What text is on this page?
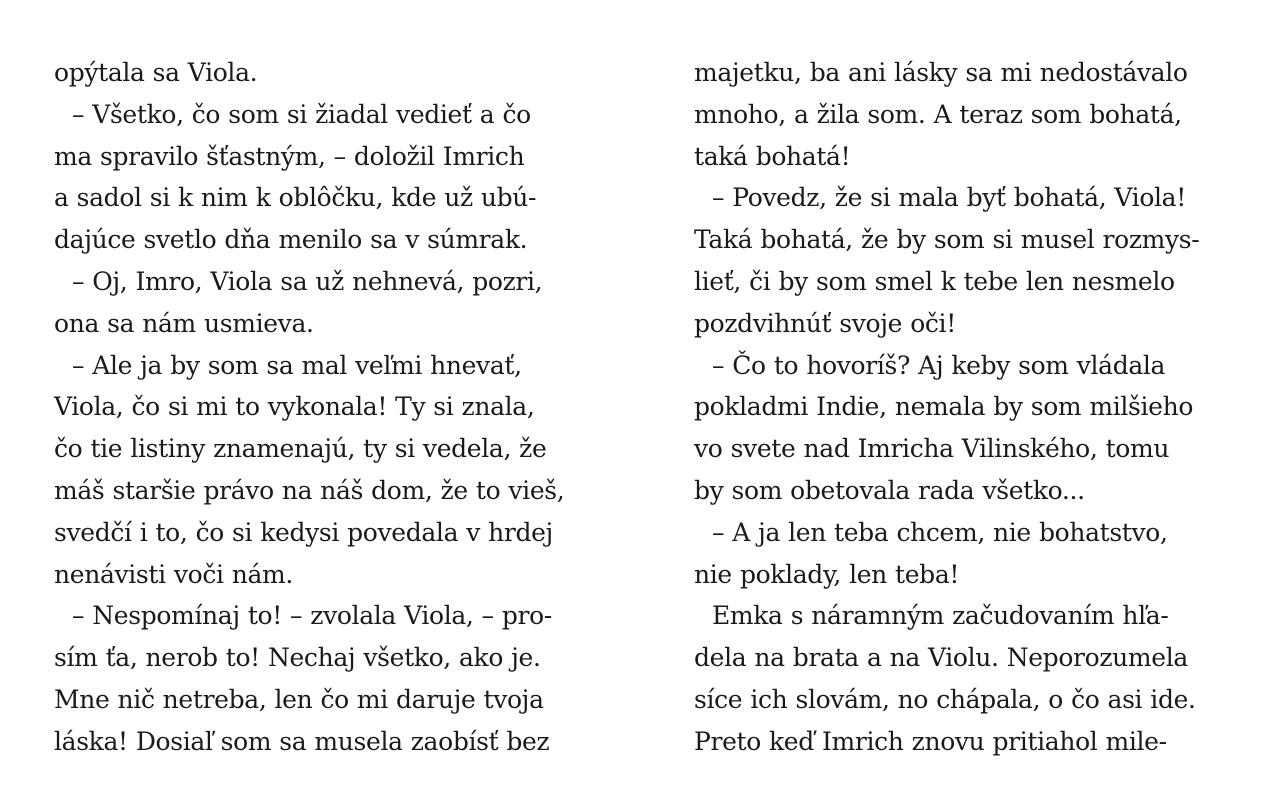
opýtala sa Viola.
– Všetko, čo som si žiadal vedieť a čo
ma spravilo šťastným, – doložil Imrich
a sadol si k nim k oblôčku, kde už ubú-
dajúce svetlo dňa menilo sa v súmrak.
– Oj, Imro, Viola sa už nehnevá, pozri,
ona sa nám usmieva.
– Ale ja by som sa mal veľmi hnevať,
Viola, čo si mi to vykonala! Ty si znala,
čo tie listiny znamenajú, ty si vedela, že
máš staršie právo na náš dom, že to vieš,
svedčí i to, čo si kedysi povedala v hrdej
nenávisti voči nám.
– Nespomínaj to! – zvolala Viola, – pro-
sím ťa, nerob to! Nechaj všetko, ako je.
Mne nič netreba, len čo mi daruje tvoja
láska! Dosiaľ som sa musela zaobísť bez
majetku, ba ani lásky sa mi nedostávalo
mnoho, a žila som. A teraz som bohatá,
taká bohatá!
– Povedz, že si mala byť bohatá, Viola!
Taká bohatá, že by som si musel rozmys-
lieť, či by som smel k tebe len nesmelo
pozdvihnúť svoje oči!
– Čo to hovoríš? Aj keby som vládala
pokladmi Indie, nemala by som milšieho
vo svete nad Imricha Vilinského, tomu
by som obetovala rada všetko...
– A ja len teba chcem, nie bohatstvo,
nie poklady, len teba!
Emka s náramným začudovaním hľa-
dela na brata a na Violu. Neporozumela
síce ich slovám, no chápala, o čo asi ide.
Preto keď Imrich znovu pritiahol mile-
